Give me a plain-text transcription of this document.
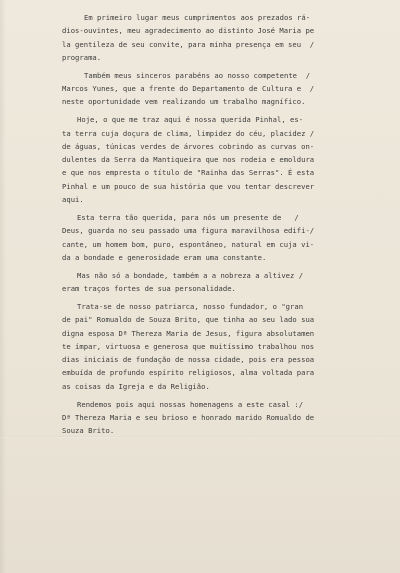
Em primeiro lugar meus cumprimentos aos prezados rá-
dios-ouvintes, meu agradecimento ao distinto José Maria pe
la gentileza de seu convite, para minha presença em seu  /
programa.
Também meus sinceros parabéns ao nosso competente  /
Marcos Yunes, que a frente do Departamento de Cultura e  /
neste oportunidade vem realizando um trabalho magnífico.
Hoje, o que me traz aqui é nossa querida Pinhal, es-
ta terra cuja doçura de clima, limpidez do céu, placidez /
de águas, túnicas verdes de árvores cobrindo as curvas on-
dulentes da Serra da Mantiqueira que nos rodeia e emoldura
e que nos empresta o título de "Rainha das Serras". É esta
Pinhal e um pouco de sua história que vou tentar descrever
aqui.
Esta terra tão querida, para nós um presente de   /
Deus, guarda no seu passado uma figura maravilhosa edifi-/
cante, um homem bom, puro, espontâneo, natural em cuja vi-
da a bondade e generosidade eram uma constante.
Mas não só a bondade, também a a nobreza a altivez /
eram traços fortes de sua personalidade.
Trata-se de nosso patriarca, nosso fundador, o "gran
de pai" Romualdo de Souza Brito, que tinha ao seu lado sua
digna esposa Dª Thereza Maria de Jesus, figura absolutamen
te ímpar, virtuosa e generosa que muitíssimo trabalhou nos
dias iniciais de fundação de nossa cidade, pois era pessoa
embuída de profundo espírito religiosos, alma voltada para
as coisas da Igreja e da Religião.
Rendemos pois aqui nossas homenagens a este casal :/
Dª Thereza Maria e seu brioso e honrado marido Romualdo de
Souza Brito.
